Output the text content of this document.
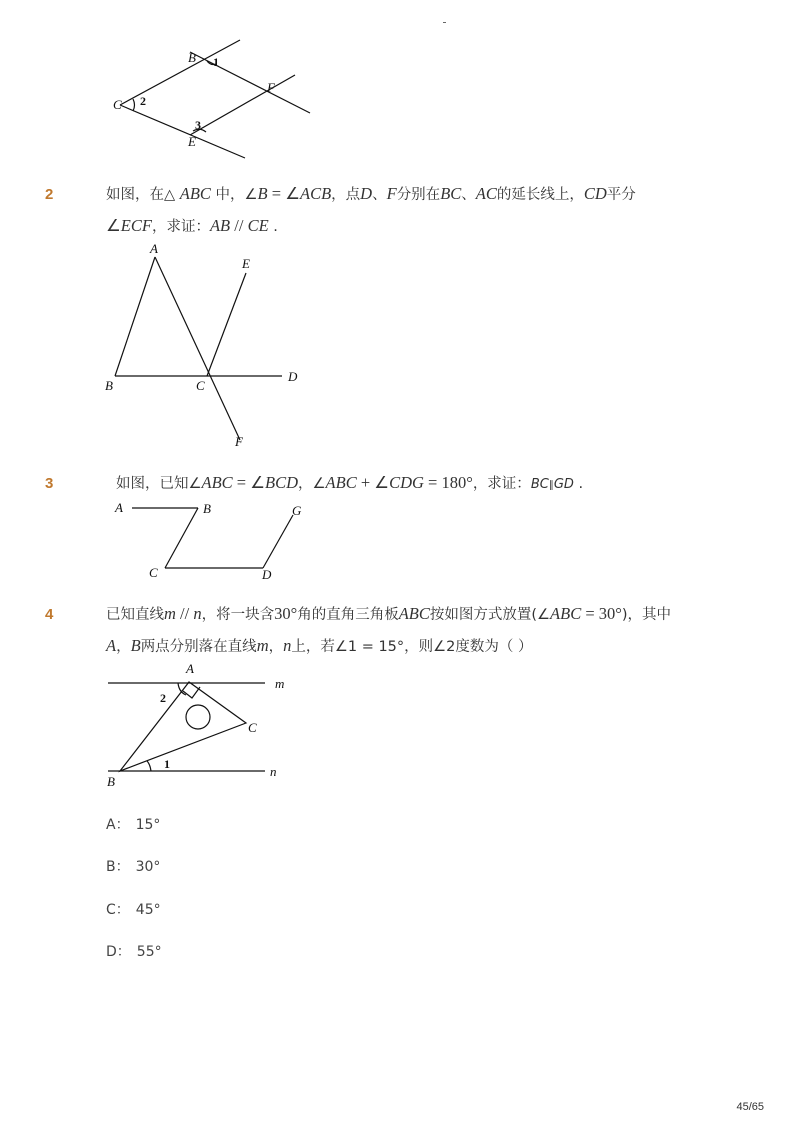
B
C
E
F
1
2
3
2	如图，在△ ABC 中，∠B = ∠ACB，点D、F分别在BC、AC的延长线上，CD平分
∠ECF，求证：AB // CE .
A
B	C
D
E
F
3	如图，已知∠ABC = ∠BCD，∠ABC + ∠CDG = 180°，求证：BC∥GD .
A	B
C	D
G
4	已知直线m // n，将一块含30°角的直角三角板ABC按如图方式放置(∠ABC = 30°)，其中
A，B两点分别落在直线m，n上，若∠1 = 15°，则∠2度数为（ ）
A
B
C
m
n
1
2
A： 15°
B： 30°
C： 45°
D： 55°
45/65
